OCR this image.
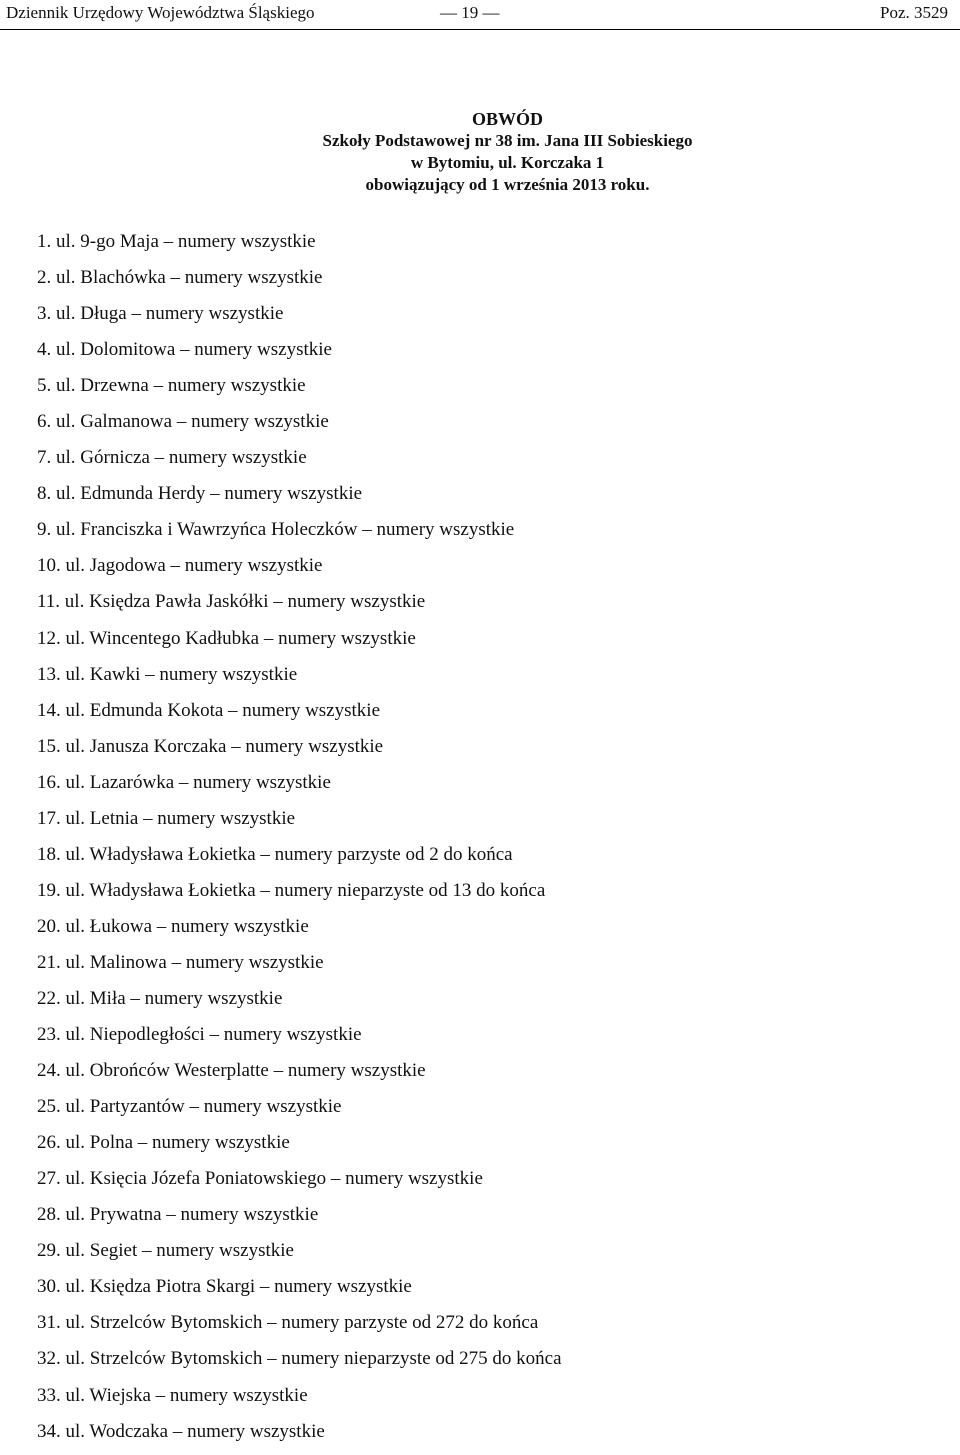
Dziennik Urzędowy Województwa Śląskiego	— 19 —	Poz. 3529
OBWÓD
Szkoły Podstawowej nr 38 im. Jana III Sobieskiego
w Bytomiu, ul. Korczaka 1
obowiązujący od 1 września 2013 roku.
1. ul. 9-go Maja – numery wszystkie
2. ul. Blachówka – numery wszystkie
3. ul. Długa – numery wszystkie
4. ul. Dolomitowa – numery wszystkie
5. ul. Drzewna – numery wszystkie
6. ul. Galmanowa – numery wszystkie
7. ul. Górnicza – numery wszystkie
8. ul. Edmunda Herdy – numery wszystkie
9. ul. Franciszka i Wawrzyńca Holeczków – numery wszystkie
10. ul. Jagodowa – numery wszystkie
11. ul. Księdza Pawła Jaskółki – numery wszystkie
12. ul. Wincentego Kadłubka – numery wszystkie
13. ul. Kawki – numery wszystkie
14. ul. Edmunda Kokota – numery wszystkie
15. ul. Janusza Korczaka – numery wszystkie
16. ul. Lazarówka – numery wszystkie
17. ul. Letnia – numery wszystkie
18. ul. Władysława Łokietka – numery parzyste od 2 do końca
19. ul. Władysława Łokietka – numery nieparzyste od 13 do końca
20. ul. Łukowa – numery wszystkie
21. ul. Malinowa – numery wszystkie
22. ul. Miła – numery wszystkie
23. ul. Niepodległości – numery wszystkie
24. ul. Obrońców Westerplatte – numery wszystkie
25. ul. Partyzantów – numery wszystkie
26. ul. Polna – numery wszystkie
27. ul. Księcia Józefa Poniatowskiego – numery wszystkie
28. ul. Prywatna – numery wszystkie
29. ul. Segiet – numery wszystkie
30. ul. Księdza Piotra Skargi – numery wszystkie
31. ul. Strzelców Bytomskich – numery parzyste od 272 do końca
32. ul. Strzelców Bytomskich – numery nieparzyste od 275 do końca
33. ul. Wiejska – numery wszystkie
34. ul. Wodczaka – numery wszystkie
